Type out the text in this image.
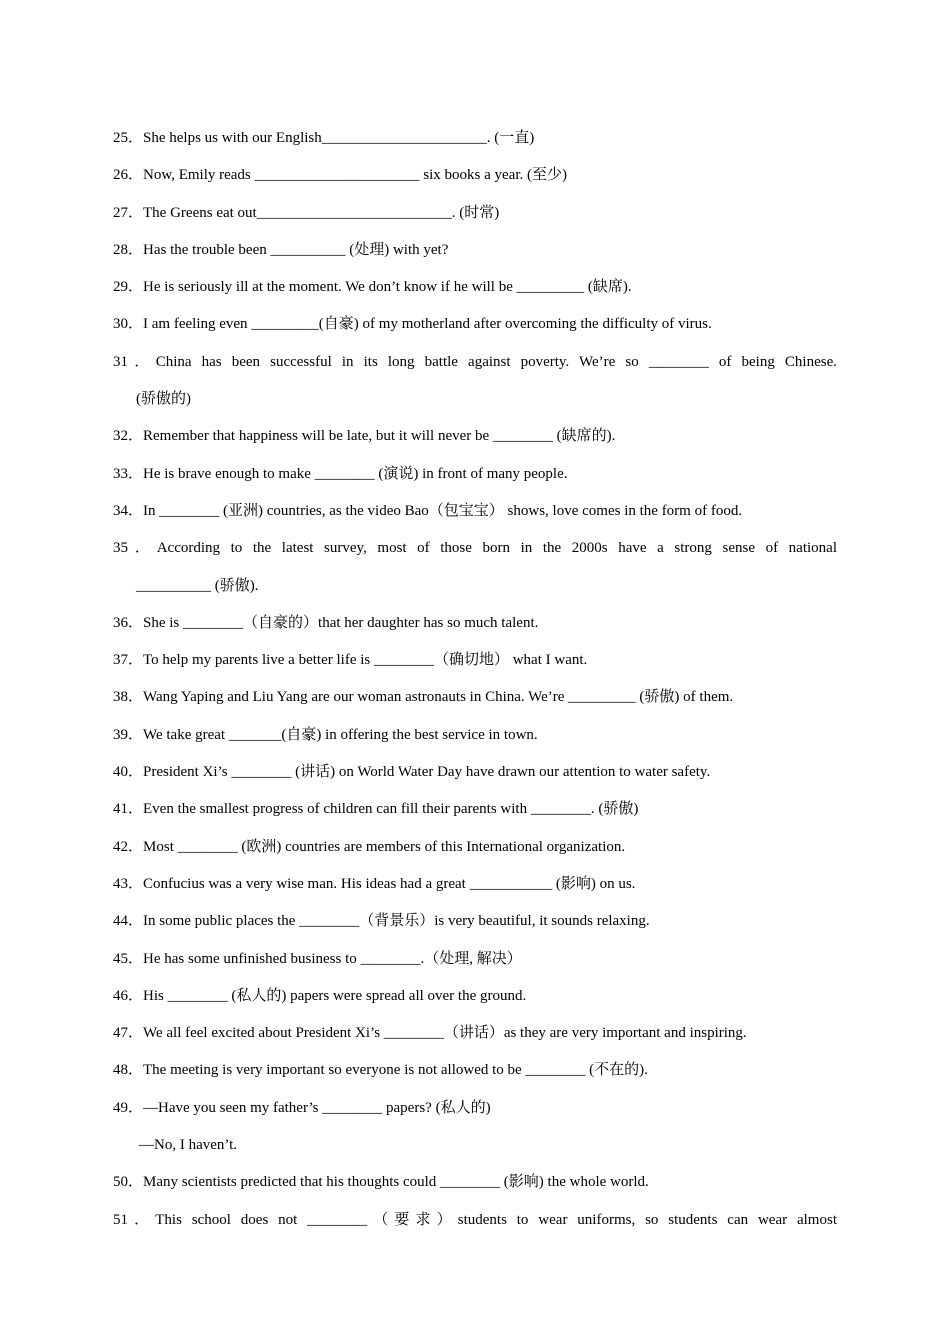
25．She helps us with our English______________________. (一直)
26．Now, Emily reads ______________________ six books a year. (至少)
27．The Greens eat out__________________________. (时常)
28．Has the trouble been __________ (处理) with yet?
29．He is seriously ill at the moment. We don’t know if he will be _________ (缺席).
30．I am feeling even _________(自豪) of my motherland after overcoming the difficulty of virus.
31．China has been successful in its long battle against poverty. We’re so ________ of being Chinese.
(骄傲的)
32．Remember that happiness will be late, but it will never be ________ (缺席的).
33．He is brave enough to make ________ (演说) in front of many people.
34．In ________ (亚洲) countries, as the video Bao（包宝宝） shows, love comes in the form of food.
35．According to the latest survey, most of those born in the 2000s have a strong sense of national
__________ (骄傲).
36．She is ________（自豪的）that her daughter has so much talent.
37．To help my parents live a better life is ________（确切地） what I want.
38．Wang Yaping and Liu Yang are our woman astronauts in China. We’re _________ (骄傲) of them.
39．We take great _______(自豪) in offering the best service in town.
40．President Xi’s ________ (讲话) on World Water Day have drawn our attention to water safety.
41．Even the smallest progress of children can fill their parents with ________. (骄傲)
42．Most ________ (欧洲) countries are members of this International organization.
43．Confucius was a very wise man. His ideas had a great ___________ (影响) on us.
44．In some public places the ________（背景乐）is very beautiful, it sounds relaxing.
45．He has some unfinished business to ________.（处理, 解决）
46．His ________ (私人的) papers were spread all over the ground.
47．We all feel excited about President Xi’s ________（讲话）as they are very important and inspiring.
48．The meeting is very important so everyone is not allowed to be ________ (不在的).
49．—Have you seen my father’s ________ papers? (私人的)
—No, I haven’t.
50．Many scientists predicted that his thoughts could ________ (影响) the whole world.
51．This school does not ________（要求）students to wear uniforms, so students can wear almost
